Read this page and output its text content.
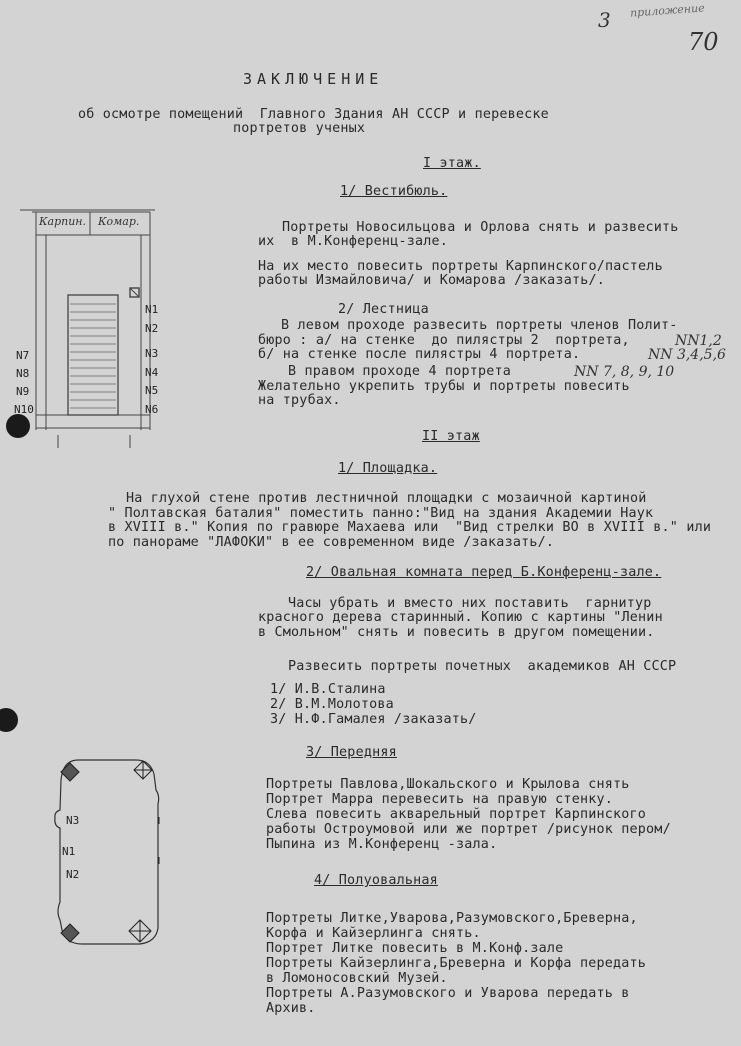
3 приложение
70
ЗАКЛЮЧЕНИЕ
об осмотре помещений  Главного Здания АН СССР и перевеске
портретов ученых
I этаж.
1/ Вестибюль.
Портреты Новосильцова и Орлова снять и развесить
их  в М.Конференц-зале.
На их место повесить портреты Карпинского/пастель
работы Измайловича/ и Комарова /заказать/.
2/ Лестница
В левом проходе развесить портреты членов Полит-
бюро : а/ на стенке  до пилястры 2  портрета,	NN1,2
б/ на стенке после пилястры 4 портрета.	NN 3,4,5,6
В правом проходе 4 портрета	NN 7, 8, 9, 10
Желательно укрепить трубы и портреты повесить
на трубах.
II этаж
1/ Площадка.
На глухой стене против лестничной площадки с мозаичной картиной
" Полтавская баталия" поместить панно:"Вид на здания Академии Наук
в XVIII в." Копия по гравюре Махаева или  "Вид стрелки ВО в XVIII в." или
по панораме "ЛАФОКИ" в ее современном виде /заказать/.
2/ Овальная комната перед Б.Конференц-зале.
Часы убрать и вместо них поставить  гарнитур
красного дерева старинный. Копию с картины "Ленин
в Смольном" снять и повесить в другом помещении.
Развесить портреты почетных  академиков АН СССР
1/ И.В.Сталина
2/ В.М.Молотова
3/ Н.Ф.Гамалея /заказать/
3/ Передняя
Портреты Павлова,Шокальского и Крылова снять
Портрет Марра перевесить на правую стенку.
Слева повесить акварельный портрет Карпинского
работы Остроумовой или же портрет /рисунок пером/
Пыпина из М.Конференц -зала.
4/ Полуовальная
Портреты Литке,Уварова,Разумовского,Бреверна,
Корфа и Кайзерлинга снять.
Портрет Литке повесить в М.Конф.зале
Портреты Кайзерлинга,Бреверна и Корфа передать
в Ломоносовский Музей.
Портреты А.Разумовского и Уварова передать в
Архив.
Карпин. Комар.
N1
N2
N3
N4
N5
N6
N7
N8
N9
N10
N3
N1
N2
